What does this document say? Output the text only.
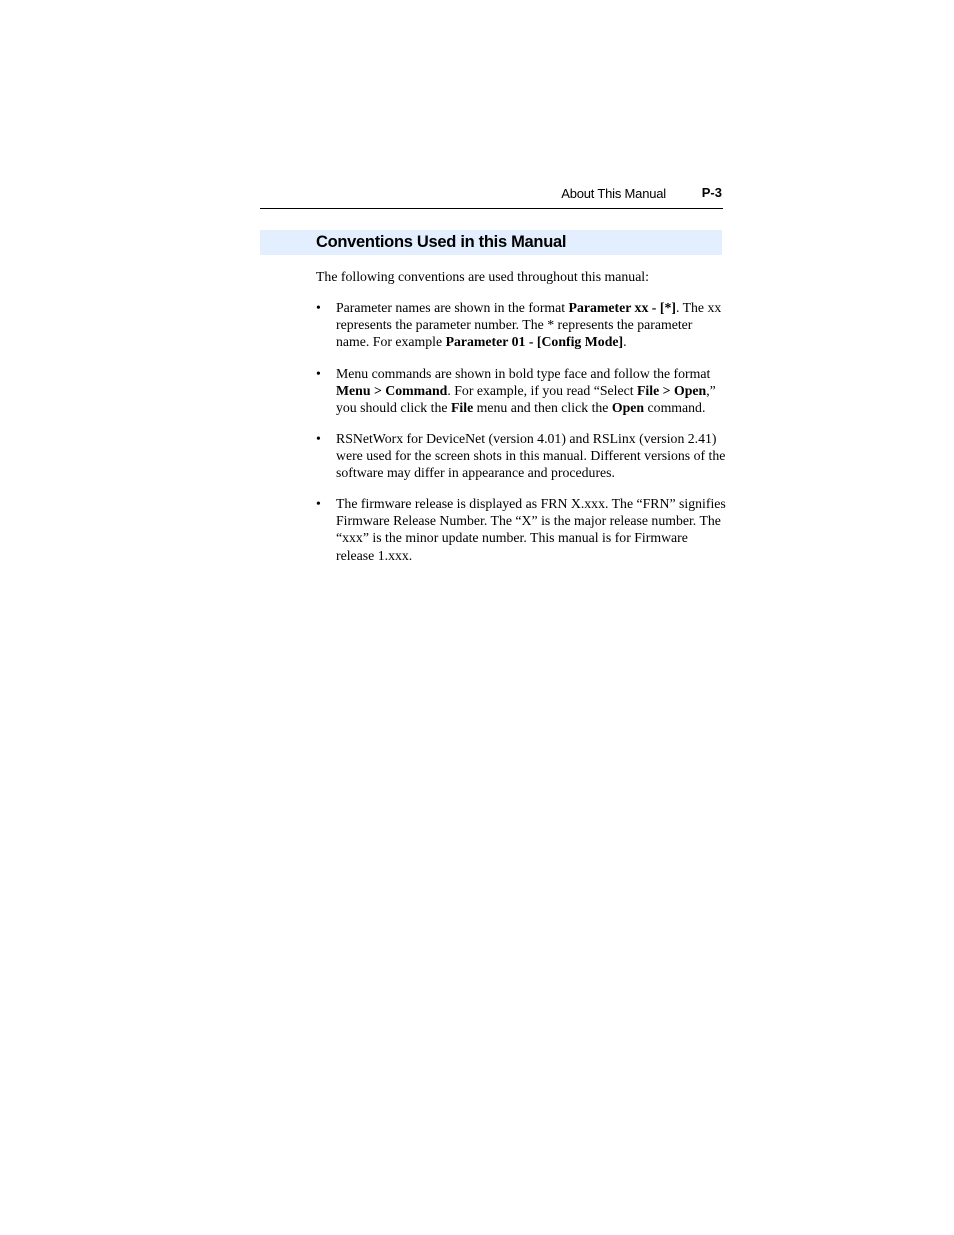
About This Manual	P-3
Conventions Used in this Manual

The following conventions are used throughout this manual:

•	Parameter names are shown in the format Parameter xx - [*]. The xx represents the parameter number. The * represents the parameter name. For example Parameter 01 - [Config Mode].
•	Menu commands are shown in bold type face and follow the format Menu > Command. For example, if you read “Select File > Open,” you should click the File menu and then click the Open command.
•	RSNetWorx for DeviceNet (version 4.01) and RSLinx (version 2.41) were used for the screen shots in this manual. Different versions of the software may differ in appearance and procedures.
•	The firmware release is displayed as FRN X.xxx. The “FRN” signifies Firmware Release Number. The “X” is the major release number. The “xxx” is the minor update number. This manual is for Firmware release 1.xxx.
